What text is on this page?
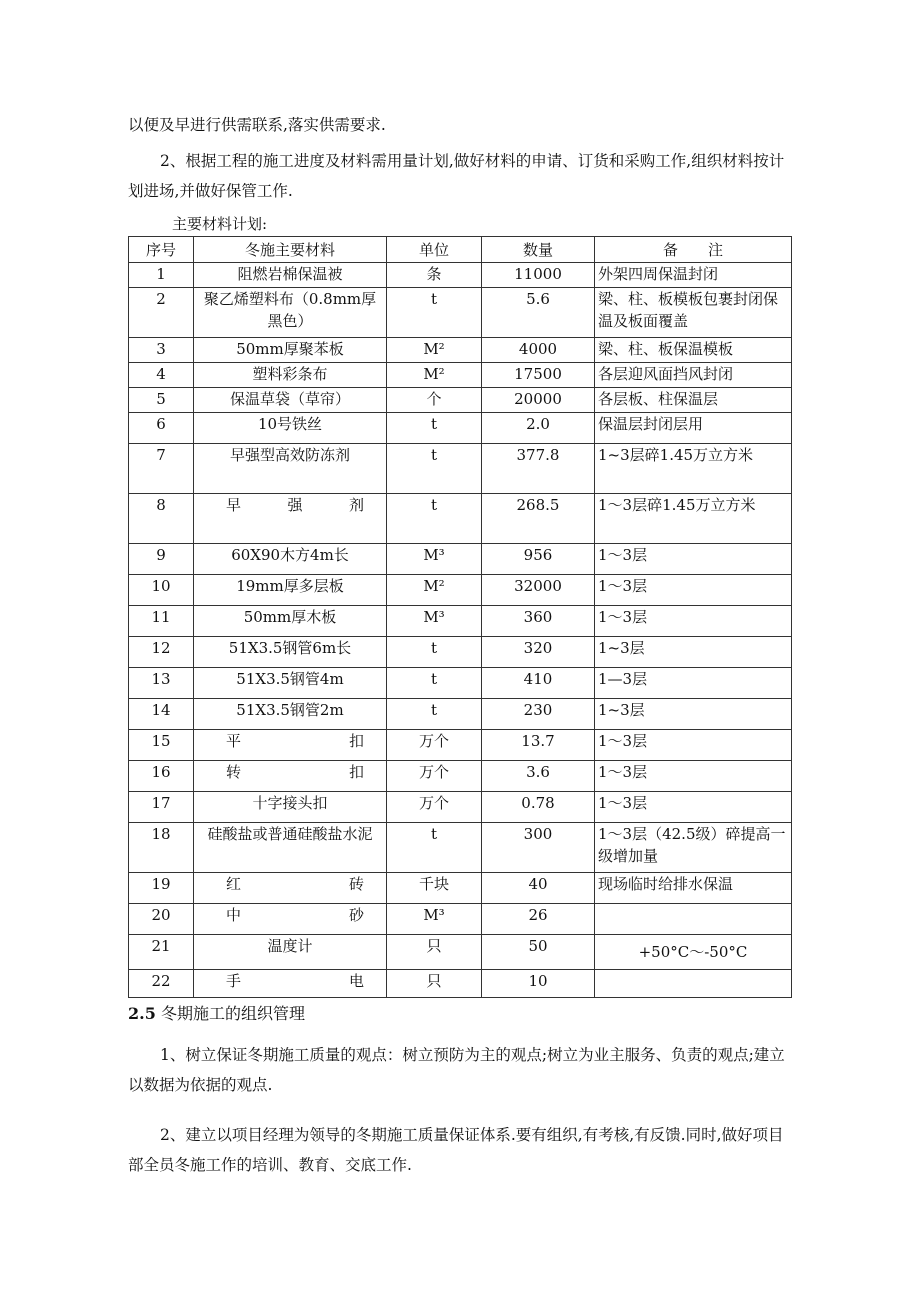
以便及早进行供需联系,落实供需要求.

2、根据工程的施工进度及材料需用量计划,做好材料的申请、订货和采购工作,组织材料按计划进场,并做好保管工作.

主要材料计划:
序号	冬施主要材料	单位	数量	备　　注
1	阻燃岩棉保温被	条	11000	外架四周保温封闭
2	聚乙烯塑料布（0.8mm厚黑色）	t	5.6	梁、柱、板模板包裹封闭保温及板面覆盖
3	50mm厚聚苯板	M²	4000	梁、柱、板保温模板
4	塑料彩条布	M²	17500	各层迎风面挡风封闭
5	保温草袋（草帘）	个	20000	各层板、柱保温层
6	10号铁丝	t	2.0	保温层封闭层用
7	早强型高效防冻剂	t	377.8	1~3层碎1.45万立方米
8	早强剂	t	268.5	1～3层碎1.45万立方米
9	60X90木方4m长	M³	956	1～3层
10	19mm厚多层板	M²	32000	1～3层
11	50mm厚木板	M³	360	1～3层
12	51X3.5钢管6m长	t	320	1~3层
13	51X3.5钢管4m	t	410	1—3层
14	51X3.5钢管2m	t	230	1~3层
15	平扣	万个	13.7	1～3层
16	转扣	万个	3.6	1～3层
17	十字接头扣	万个	0.78	1～3层
18	硅酸盐或普通硅酸盐水泥	t	300	1～3层（42.5级）碎提高一级增加量
19	红砖	千块	40	现场临时给排水保温
20	中砂	M³	26	
21	温度计	只	50	+50°C～-50°C
22	手电	只	10	
2.5 冬期施工的组织管理

1、树立保证冬期施工质量的观点：树立预防为主的观点;树立为业主服务、负责的观点;建立以数据为依据的观点.

2、建立以项目经理为领导的冬期施工质量保证体系.要有组织,有考核,有反馈.同时,做好项目部全员冬施工作的培训、教育、交底工作.
